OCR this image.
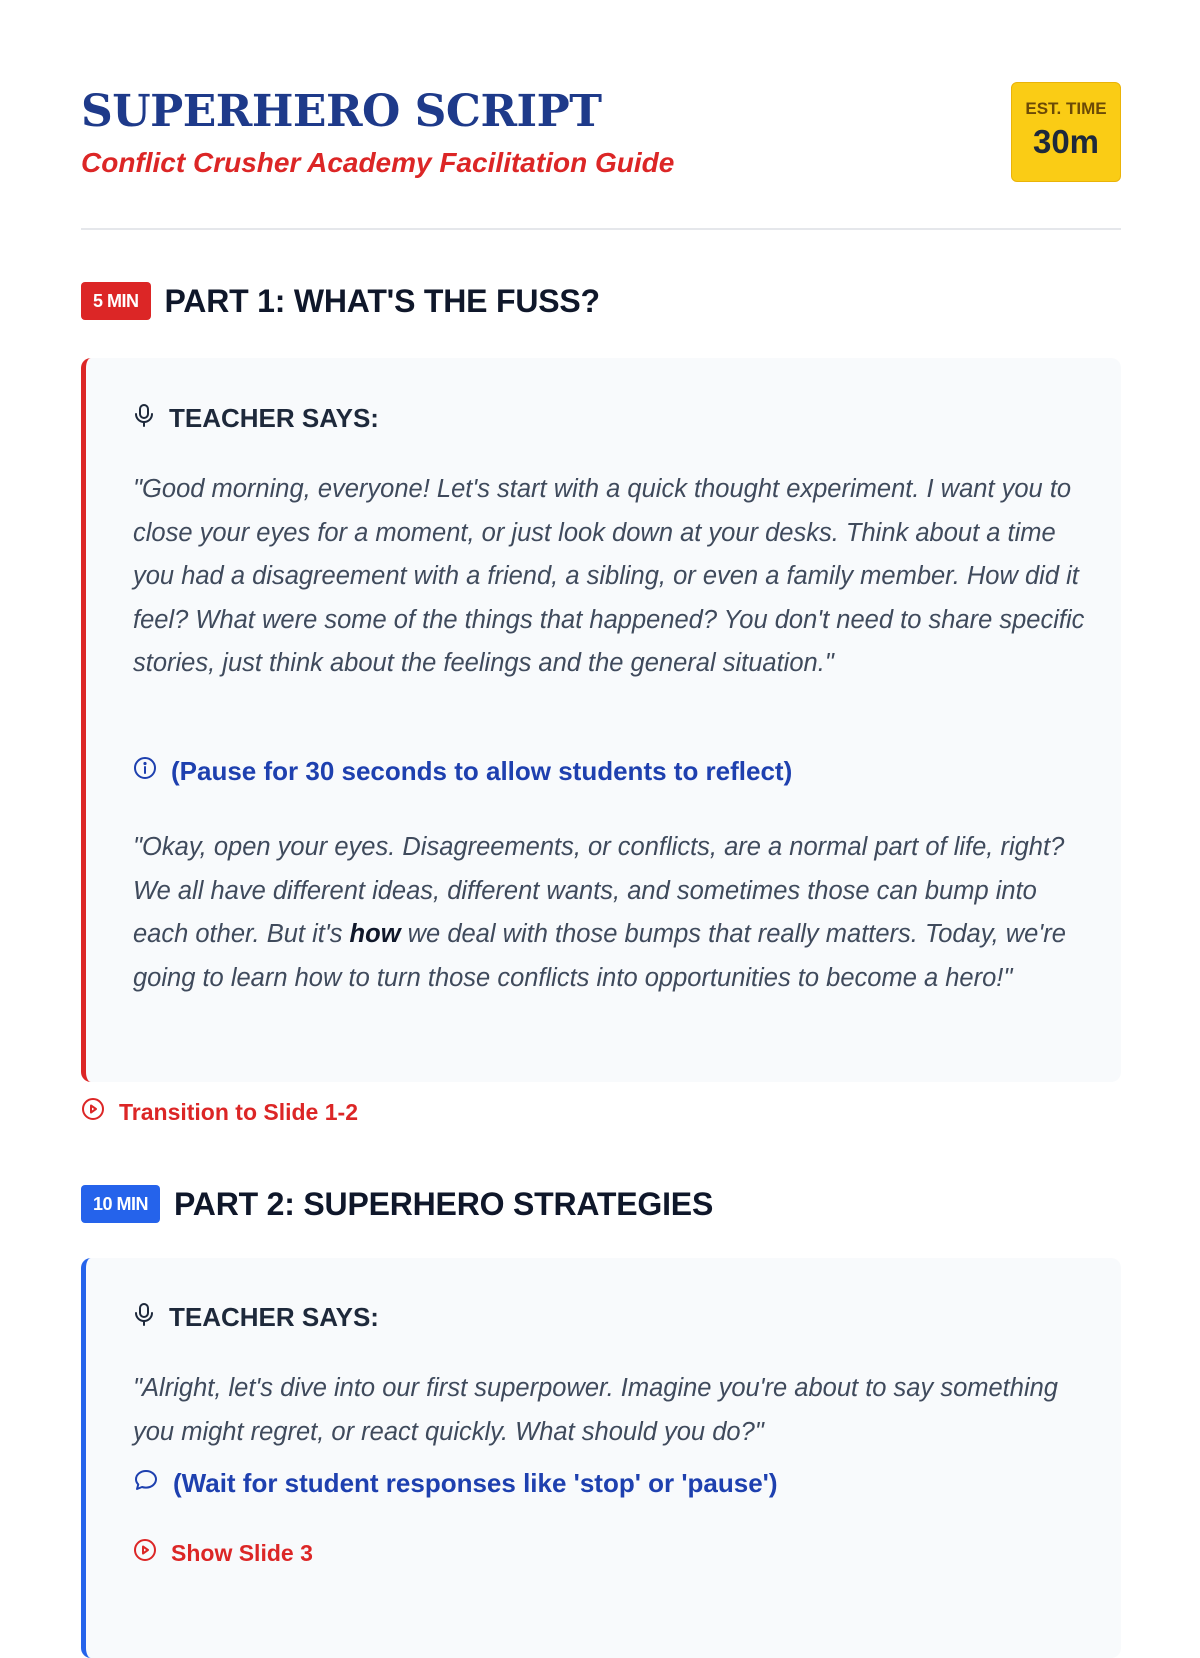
SUPERHERO SCRIPT
Conflict Crusher Academy Facilitation Guide
EST. TIME
30m
5 MIN PART 1: WHAT'S THE FUSS?
TEACHER SAYS:
"Good morning, everyone! Let's start with a quick thought experiment. I want you to close your eyes for a moment, or just look down at your desks. Think about a time you had a disagreement with a friend, a sibling, or even a family member. How did it feel? What were some of the things that happened? You don't need to share specific stories, just think about the feelings and the general situation."
(Pause for 30 seconds to allow students to reflect)
"Okay, open your eyes. Disagreements, or conflicts, are a normal part of life, right? We all have different ideas, different wants, and sometimes those can bump into each other. But it's how we deal with those bumps that really matters. Today, we're going to learn how to turn those conflicts into opportunities to become a hero!"
Transition to Slide 1-2
10 MIN PART 2: SUPERHERO STRATEGIES
TEACHER SAYS:
"Alright, let's dive into our first superpower. Imagine you're about to say something you might regret, or react quickly. What should you do?"
(Wait for student responses like 'stop' or 'pause')
Show Slide 3
